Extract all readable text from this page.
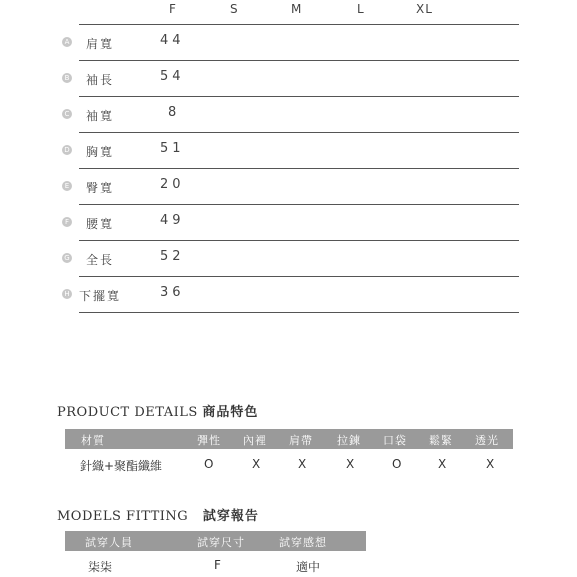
F	S	M	L	XL
A 肩寬	44
B 袖長	54
C 袖寬	8
D 胸寬	51
E 臀寬	20
F 腰寬	49
G 全長	52
H 下擺寬	36
PRODUCT DETAILS 商品特色
材質	彈性 內裡 肩帶 拉鍊 口袋 鬆緊 透光
針織+聚酯纖維	O	X	X	X	O	X	X
MODELS FITTING 試穿報告
試穿人員	試穿尺寸	試穿感想
柒柒	F	適中
